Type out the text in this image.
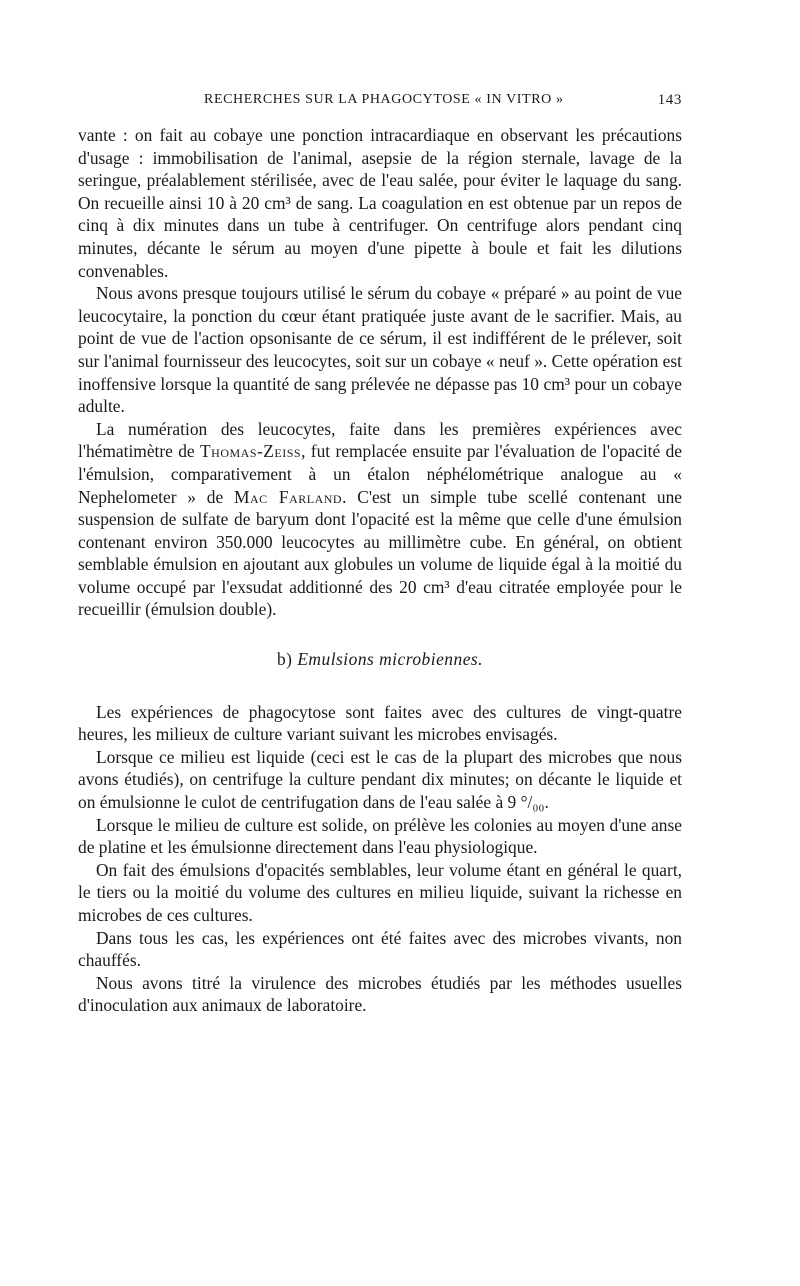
RECHERCHES SUR LA PHAGOCYTOSE « IN VITRO »	143

vante : on fait au cobaye une ponction intracardiaque en observant les précautions d'usage : immobilisation de l'animal, asepsie de la région sternale, lavage de la seringue, préalablement stérilisée, avec de l'eau salée, pour éviter le laquage du sang. On recueille ainsi 10 à 20 cm³ de sang. La coagulation en est obtenue par un repos de cinq à dix minutes dans un tube à centrifuger. On centrifuge alors pendant cinq minutes, décante le sérum au moyen d'une pipette à boule et fait les dilutions convenables.

Nous avons presque toujours utilisé le sérum du cobaye « préparé » au point de vue leucocytaire, la ponction du cœur étant pratiquée juste avant de le sacrifier. Mais, au point de vue de l'action opsonisante de ce sérum, il est indifférent de le prélever, soit sur l'animal fournisseur des leucocytes, soit sur un cobaye « neuf ». Cette opération est inoffensive lorsque la quantité de sang prélevée ne dépasse pas 10 cm³ pour un cobaye adulte.

La numération des leucocytes, faite dans les premières expériences avec l'hématimètre de Thomas-Zeiss, fut remplacée ensuite par l'évaluation de l'opacité de l'émulsion, comparativement à un étalon néphélométrique analogue au « Nephelometer » de Mac Farland. C'est un simple tube scellé contenant une suspension de sulfate de baryum dont l'opacité est la même que celle d'une émulsion contenant environ 350.000 leucocytes au millimètre cube. En général, on obtient semblable émulsion en ajoutant aux globules un volume de liquide égal à la moitié du volume occupé par l'exsudat additionné des 20 cm³ d'eau citratée employée pour le recueillir (émulsion double).

b) Emulsions microbiennes.

Les expériences de phagocytose sont faites avec des cultures de vingt-quatre heures, les milieux de culture variant suivant les microbes envisagés.

Lorsque ce milieu est liquide (ceci est le cas de la plupart des microbes que nous avons étudiés), on centrifuge la culture pendant dix minutes; on décante le liquide et on émulsionne le culot de centrifugation dans de l'eau salée à 9 °/₀₀.

Lorsque le milieu de culture est solide, on prélève les colonies au moyen d'une anse de platine et les émulsionne directement dans l'eau physiologique.

On fait des émulsions d'opacités semblables, leur volume étant en général le quart, le tiers ou la moitié du volume des cultures en milieu liquide, suivant la richesse en microbes de ces cultures.

Dans tous les cas, les expériences ont été faites avec des microbes vivants, non chauffés.

Nous avons titré la virulence des microbes étudiés par les méthodes usuelles d'inoculation aux animaux de laboratoire.
